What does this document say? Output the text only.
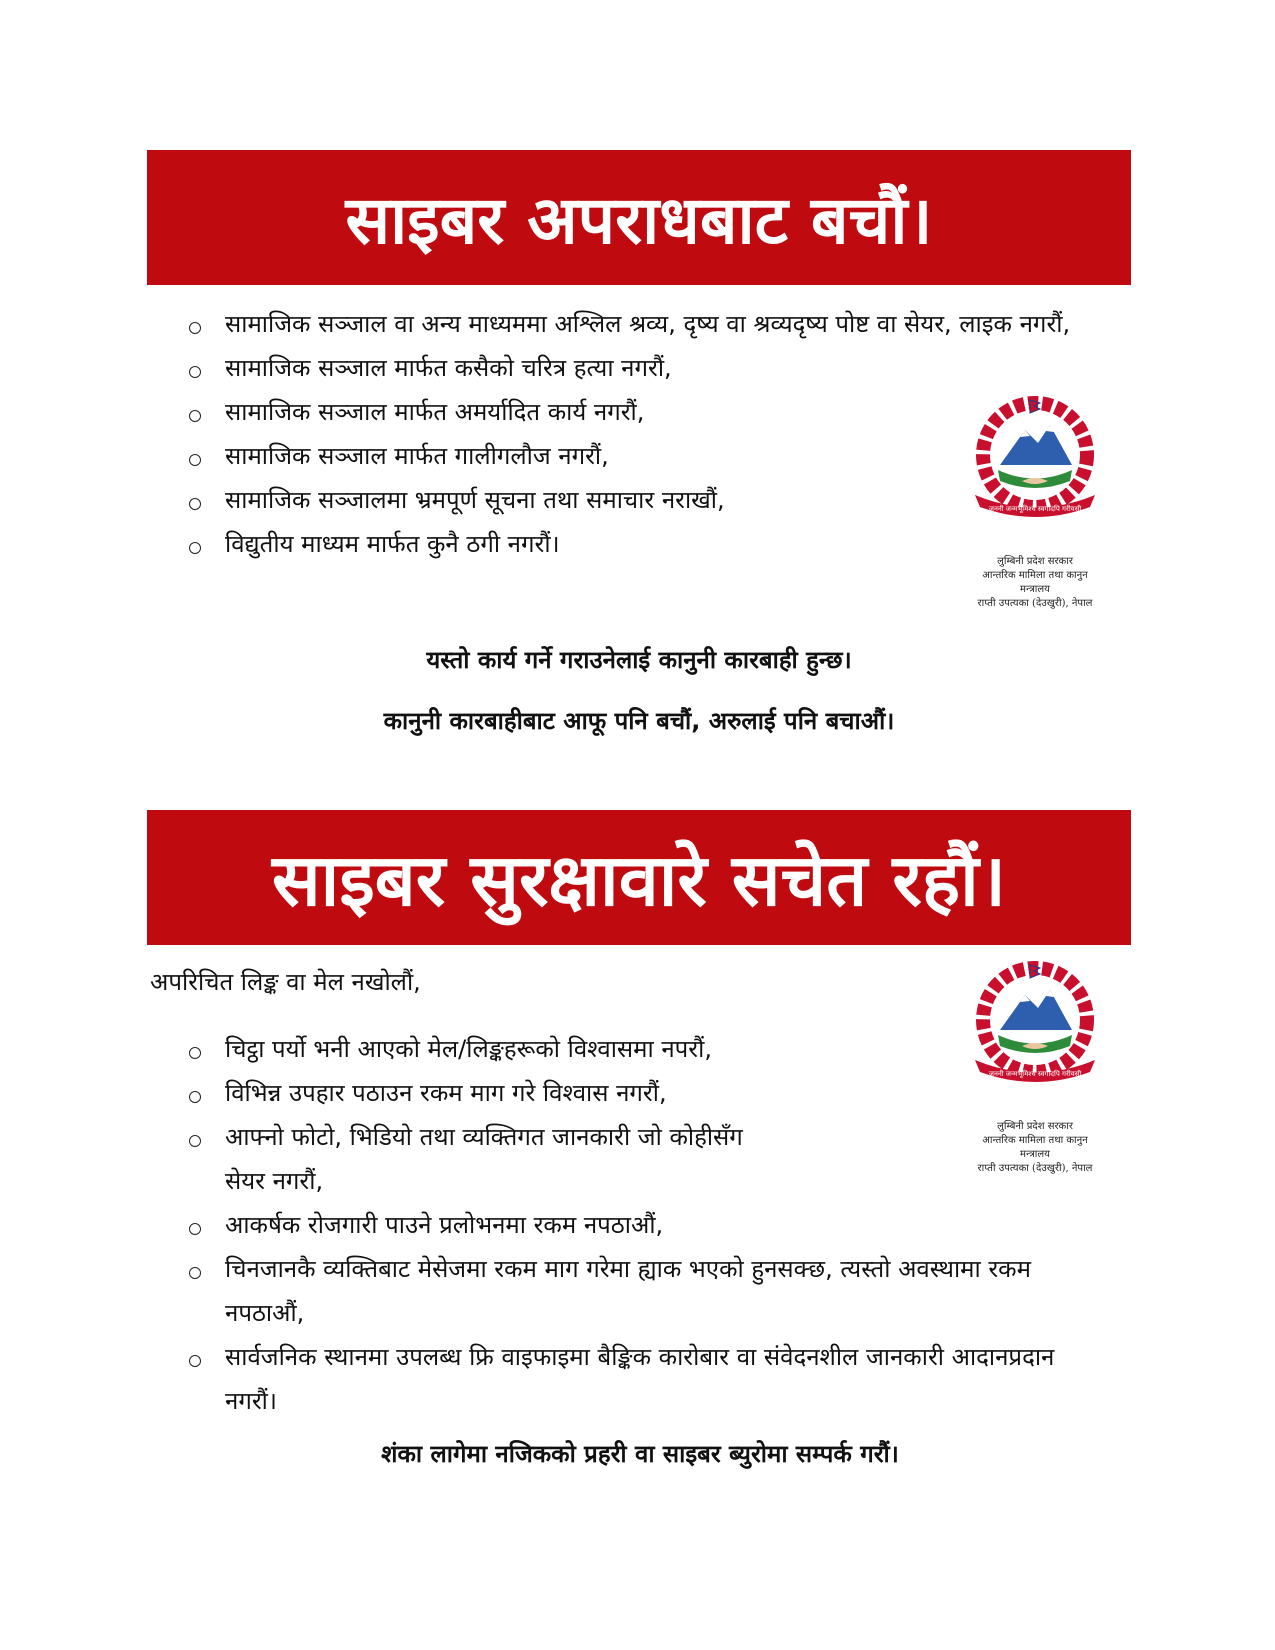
साइबर अपराधबाट बचौं।
सामाजिक सञ्जाल वा अन्य माध्यममा अश्लिल श्रव्य, दृष्य वा श्रव्यदृष्य पोष्ट वा सेयर, लाइक नगरौं,
सामाजिक सञ्जाल मार्फत कसैको चरित्र हत्या नगरौं,
सामाजिक सञ्जाल मार्फत अमर्यादित कार्य नगरौं,
सामाजिक सञ्जाल मार्फत गालीगलौज नगरौं,
सामाजिक सञ्जालमा भ्रमपूर्ण सूचना तथा समाचार नराखौं,
विद्युतीय माध्यम मार्फत कुनै ठगी नगरौं।
यस्तो कार्य गर्ने गराउनेलाई कानुनी कारबाही हुन्छ।
कानुनी कारबाहीबाट आफू पनि बचौं, अरुलाई पनि बचाऔं।
जननी जन्मभूमिश्च स्वर्गादपि गरीयसी
लुम्बिनी प्रदेश सरकार
आन्तरिक मामिला तथा कानुन
मन्त्रालय
राप्ती उपत्यका (देउखुरी), नेपाल
साइबर सुरक्षावारे सचेत रहौं।
अपरिचित लिङ्क वा मेल नखोलौं,
चिट्ठा पर्यो भनी आएको मेल/लिङ्कहरूको विश्वासमा नपरौं,
विभिन्न उपहार पठाउन रकम माग गरे विश्वास नगरौं,
आफ्नो फोटो, भिडियो तथा व्यक्तिगत जानकारी जो कोहीसँग सेयर नगरौं,
आकर्षक रोजगारी पाउने प्रलोभनमा रकम नपठाऔं,
चिनजानकै व्यक्तिबाट मेसेजमा रकम माग गरेमा ह्याक भएको हुनसक्छ, त्यस्तो अवस्थामा रकम नपठाऔं,
सार्वजनिक स्थानमा उपलब्ध फ्रि वाइफाइमा बैङ्किक कारोबार वा संवेदनशील जानकारी आदानप्रदान नगरौं।
शंका लागेमा नजिकको प्रहरी वा साइबर ब्युरोमा सम्पर्क गरौं।
जननी जन्मभूमिश्च स्वर्गादपि गरीयसी
लुम्बिनी प्रदेश सरकार
आन्तरिक मामिला तथा कानुन
मन्त्रालय
राप्ती उपत्यका (देउखुरी), नेपाल
